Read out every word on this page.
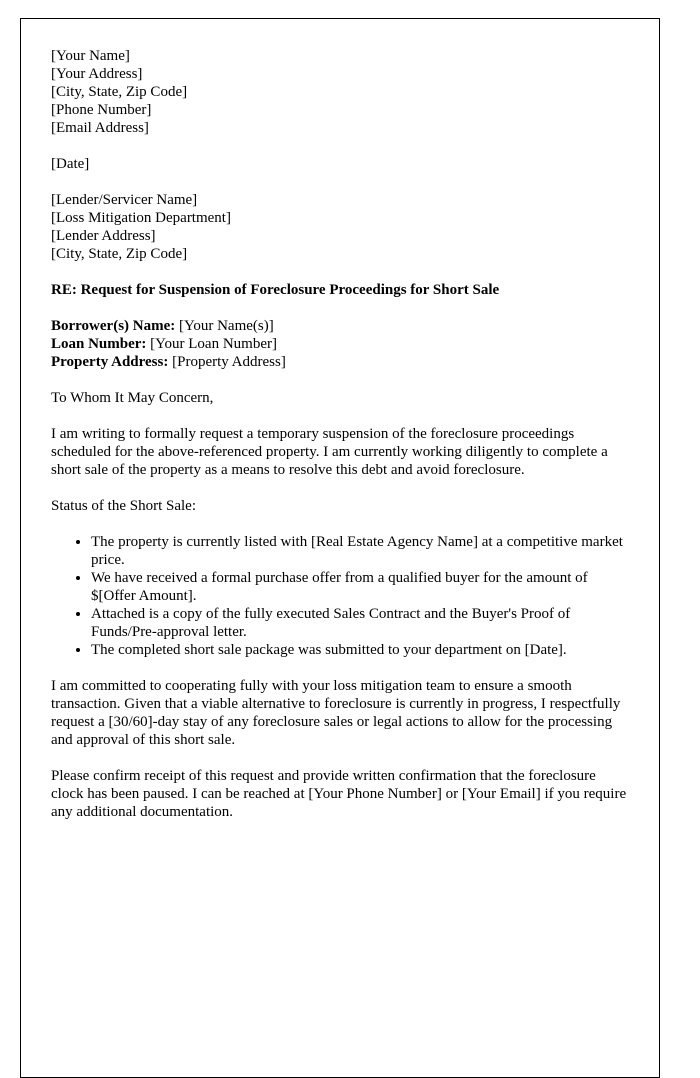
[Your Name]
[Your Address]
[City, State, Zip Code]
[Phone Number]
[Email Address]
[Date]
[Lender/Servicer Name]
[Loss Mitigation Department]
[Lender Address]
[City, State, Zip Code]
RE: Request for Suspension of Foreclosure Proceedings for Short Sale
Borrower(s) Name: [Your Name(s)]
Loan Number: [Your Loan Number]
Property Address: [Property Address]
To Whom It May Concern,
I am writing to formally request a temporary suspension of the foreclosure proceedings scheduled for the above-referenced property. I am currently working diligently to complete a short sale of the property as a means to resolve this debt and avoid foreclosure.
Status of the Short Sale:
• The property is currently listed with [Real Estate Agency Name] at a competitive market price.
• We have received a formal purchase offer from a qualified buyer for the amount of $[Offer Amount].
• Attached is a copy of the fully executed Sales Contract and the Buyer's Proof of Funds/Pre-approval letter.
• The completed short sale package was submitted to your department on [Date].
I am committed to cooperating fully with your loss mitigation team to ensure a smooth transaction. Given that a viable alternative to foreclosure is currently in progress, I respectfully request a [30/60]-day stay of any foreclosure sales or legal actions to allow for the processing and approval of this short sale.
Please confirm receipt of this request and provide written confirmation that the foreclosure clock has been paused. I can be reached at [Your Phone Number] or [Your Email] if you require any additional documentation.
